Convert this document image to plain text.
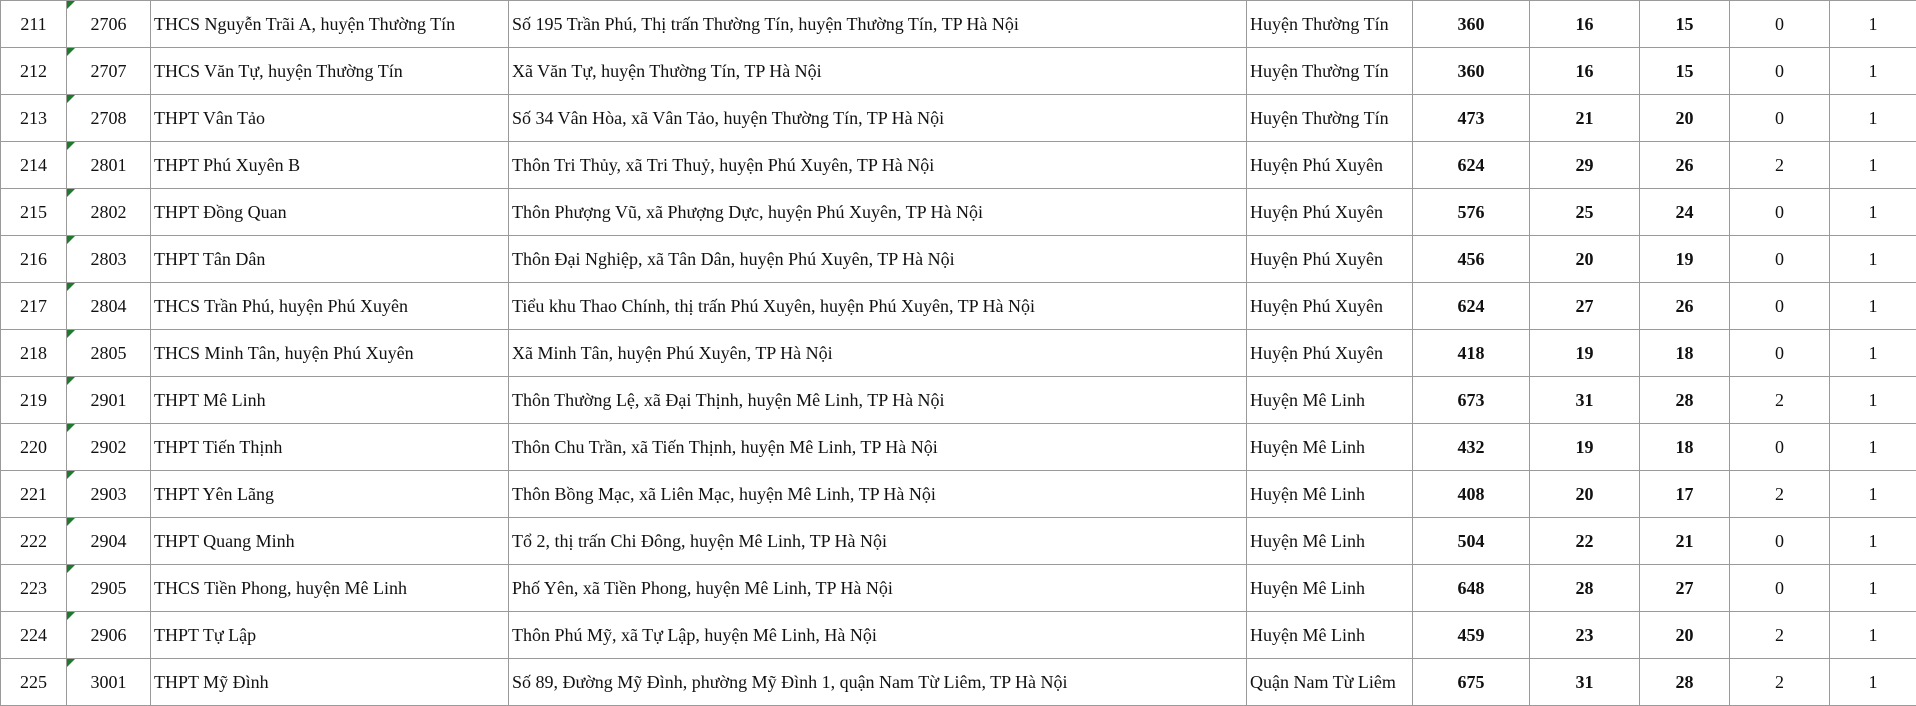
211	2706	THCS Nguyễn Trãi A, huyện Thường Tín	Số 195 Trần Phú, Thị trấn Thường Tín, huyện Thường Tín, TP Hà Nội	Huyện Thường Tín	360	16	15	0	1
212	2707	THCS Văn Tự, huyện Thường Tín	Xã Văn Tự, huyện Thường Tín, TP Hà Nội	Huyện Thường Tín	360	16	15	0	1
213	2708	THPT Vân Tảo	Số 34 Vân Hòa, xã Vân Tảo, huyện Thường Tín, TP Hà Nội	Huyện Thường Tín	473	21	20	0	1
214	2801	THPT Phú Xuyên B	Thôn Tri Thủy, xã Tri Thuỷ, huyện Phú Xuyên, TP Hà Nội	Huyện Phú Xuyên	624	29	26	2	1
215	2802	THPT Đồng Quan	Thôn Phượng Vũ, xã Phượng Dực, huyện Phú Xuyên, TP Hà Nội	Huyện Phú Xuyên	576	25	24	0	1
216	2803	THPT Tân Dân	Thôn Đại Nghiệp, xã Tân Dân, huyện Phú Xuyên, TP Hà Nội	Huyện Phú Xuyên	456	20	19	0	1
217	2804	THCS Trần Phú, huyện Phú Xuyên	Tiểu khu Thao Chính, thị trấn Phú Xuyên, huyện Phú Xuyên, TP Hà Nội	Huyện Phú Xuyên	624	27	26	0	1
218	2805	THCS Minh Tân, huyện Phú Xuyên	Xã Minh Tân, huyện Phú Xuyên, TP Hà Nội	Huyện Phú Xuyên	418	19	18	0	1
219	2901	THPT Mê Linh	Thôn Thường Lệ, xã Đại Thịnh, huyện Mê Linh, TP Hà Nội	Huyện Mê Linh	673	31	28	2	1
220	2902	THPT Tiến Thịnh	Thôn Chu Trần, xã Tiến Thịnh, huyện Mê Linh, TP Hà Nội	Huyện Mê Linh	432	19	18	0	1
221	2903	THPT Yên Lãng	Thôn Bồng Mạc, xã Liên Mạc, huyện Mê Linh, TP Hà Nội	Huyện Mê Linh	408	20	17	2	1
222	2904	THPT Quang Minh	Tổ 2, thị trấn Chi Đông, huyện Mê Linh, TP Hà Nội	Huyện Mê Linh	504	22	21	0	1
223	2905	THCS Tiền Phong, huyện Mê Linh	Phố Yên, xã Tiền Phong, huyện Mê Linh, TP Hà Nội	Huyện Mê Linh	648	28	27	0	1
224	2906	THPT Tự Lập	Thôn Phú Mỹ, xã Tự Lập, huyện Mê Linh, Hà Nội	Huyện Mê Linh	459	23	20	2	1
225	3001	THPT Mỹ Đình	Số 89, Đường Mỹ Đình, phường Mỹ Đình 1, quận Nam Từ Liêm, TP Hà Nội	Quận Nam Từ Liêm	675	31	28	2	1
